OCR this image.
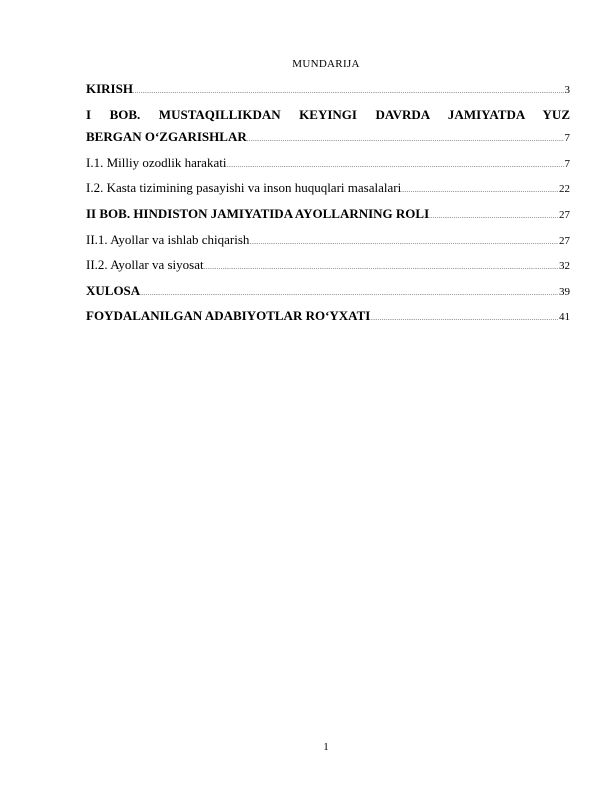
MUNDARIJA
KIRISH .....	3
I BOB. MUSTAQILLIKDAN KEYINGI DAVRDA JAMIYATDA YUZ
BERGAN O‘ZGARISHLAR .....	7
I.1. Milliy ozodlik harakati .....	7
I.2. Kasta tizimining pasayishi va inson huquqlari masalalari .....	22
II BOB. HINDISTON JAMIYATIDA AYOLLARNING ROLI .....	27
II.1. Ayollar va ishlab chiqarish .....	27
II.2. Ayollar va siyosat .....	32
XULOSA .....	39
FOYDALANILGAN ADABIYOTLAR RO‘YXATI .....	41
1
